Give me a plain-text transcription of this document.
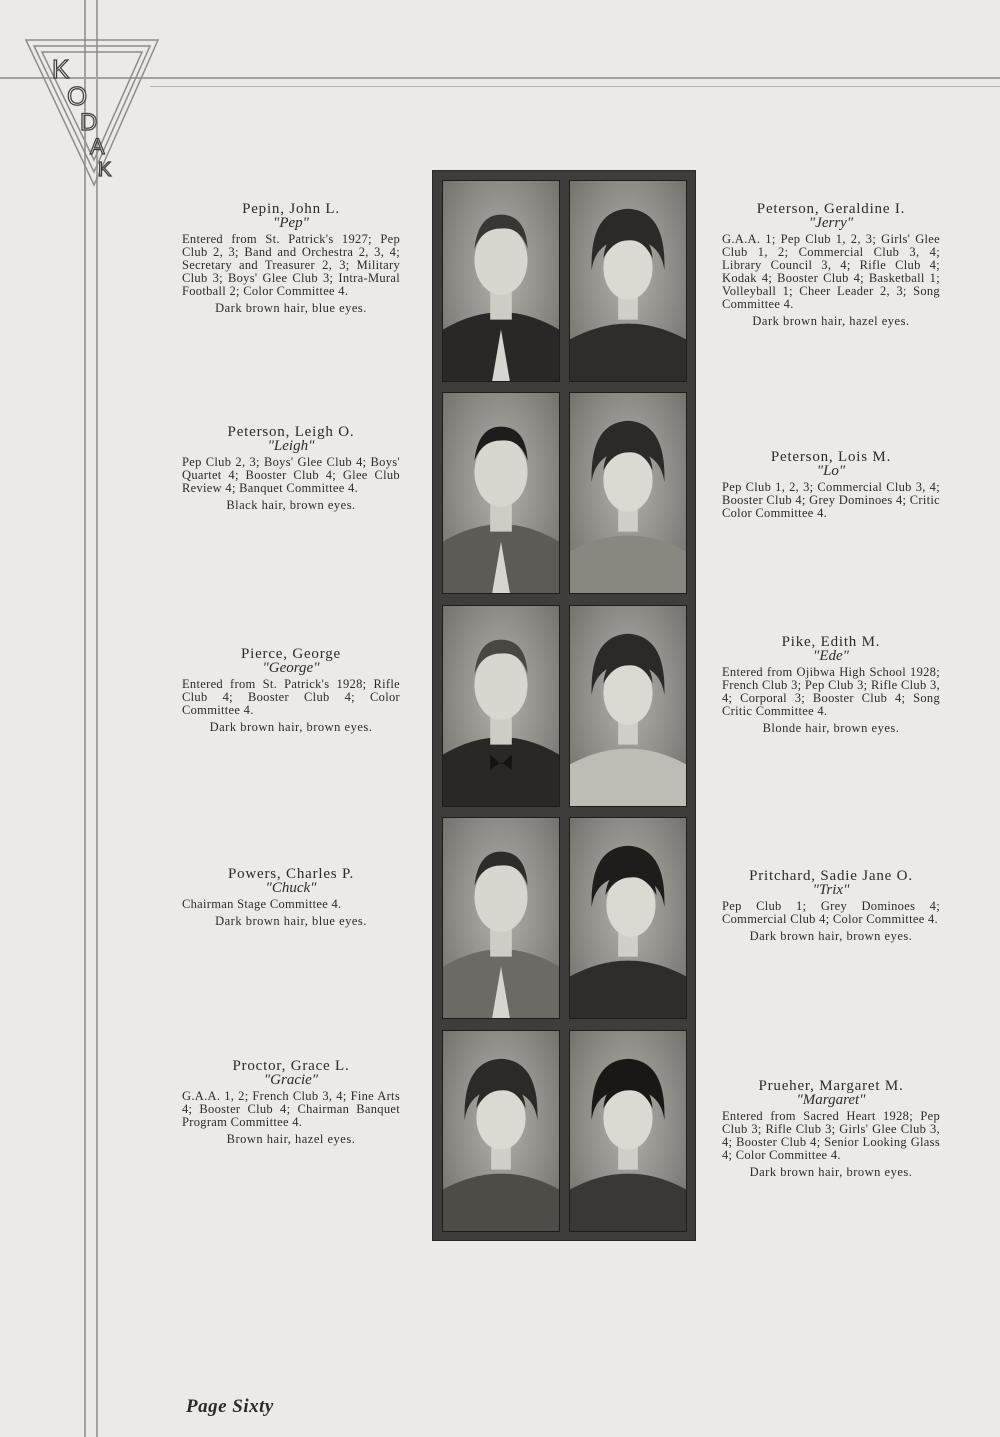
K
O
D
A
K
Pepin, John L.
"Pep"
Entered from St. Patrick's 1927; Pep Club 2, 3; Band and Orchestra 2, 3, 4; Secretary and Treasurer 2, 3; Military Club 3; Boys' Glee Club 3; Intra-Mural Football 2; Color Committee 4.
Dark brown hair, blue eyes.
Peterson, Leigh O.
"Leigh"
Pep Club 2, 3; Boys' Glee Club 4; Boys' Quartet 4; Booster Club 4; Glee Club Review 4; Banquet Committee 4.
Black hair, brown eyes.
Pierce, George
"George"
Entered from St. Patrick's 1928; Rifle Club 4; Booster Club 4; Color Committee 4.
Dark brown hair, brown eyes.
Powers, Charles P.
"Chuck"
Chairman Stage Committee 4.
Dark brown hair, blue eyes.
Proctor, Grace L.
"Gracie"
G.A.A. 1, 2; French Club 3, 4; Fine Arts 4; Booster Club 4; Chairman Banquet Program Committee 4.
Brown hair, hazel eyes.
Peterson, Geraldine I.
"Jerry"
G.A.A. 1; Pep Club 1, 2, 3; Girls' Glee Club 1, 2; Commercial Club 3, 4; Library Council 3, 4; Rifle Club 4; Kodak 4; Booster Club 4; Basketball 1; Volleyball 1; Cheer Leader 2, 3; Song Committee 4.
Dark brown hair, hazel eyes.
Peterson, Lois M.
"Lo"
Pep Club 1, 2, 3; Commercial Club 3, 4; Booster Club 4; Grey Dominoes 4; Critic Color Committee 4.
Pike, Edith M.
"Ede"
Entered from Ojibwa High School 1928; French Club 3; Pep Club 3; Rifle Club 3, 4; Corporal 3; Booster Club 4; Song Critic Committee 4.
Blonde hair, brown eyes.
Pritchard, Sadie Jane O.
"Trix"
Pep Club 1; Grey Dominoes 4; Commercial Club 4; Color Committee 4.
Dark brown hair, brown eyes.
Prueher, Margaret M.
"Margaret"
Entered from Sacred Heart 1928; Pep Club 3; Rifle Club 3; Girls' Glee Club 3, 4; Booster Club 4; Senior Looking Glass 4; Color Committee 4.
Dark brown hair, brown eyes.
Page Sixty
